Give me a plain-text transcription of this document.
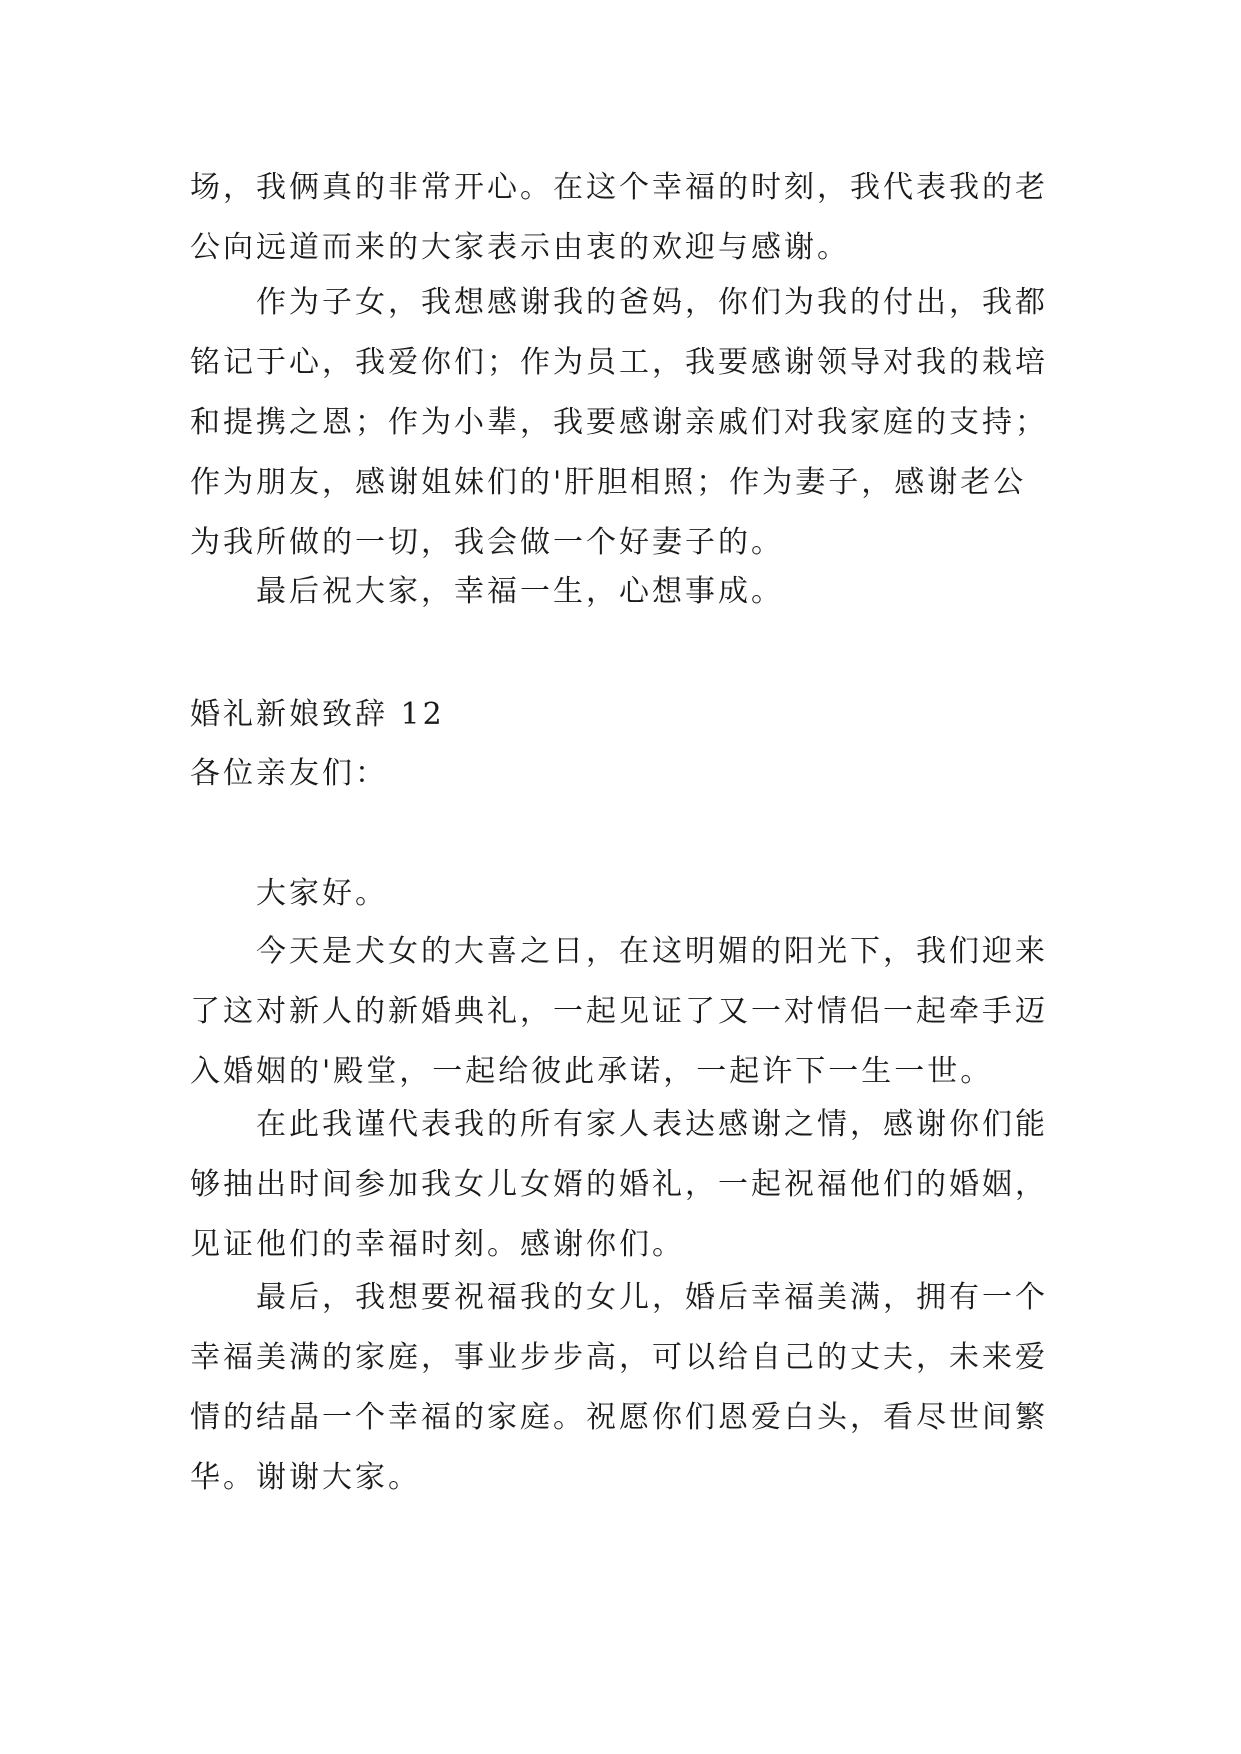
场，我俩真的非常开心。在这个幸福的时刻，我代表我的老
公向远道而来的大家表示由衷的欢迎与感谢。
作为子女，我想感谢我的爸妈，你们为我的付出，我都
铭记于心，我爱你们；作为员工，我要感谢领导对我的栽培
和提携之恩；作为小辈，我要感谢亲戚们对我家庭的支持；
作为朋友，感谢姐妹们的'肝胆相照；作为妻子，感谢老公
为我所做的一切，我会做一个好妻子的。
最后祝大家，幸福一生，心想事成。
婚礼新娘致辞 12
各位亲友们：
大家好。
今天是犬女的大喜之日，在这明媚的阳光下，我们迎来
了这对新人的新婚典礼，一起见证了又一对情侣一起牵手迈
入婚姻的'殿堂，一起给彼此承诺，一起许下一生一世。
在此我谨代表我的所有家人表达感谢之情，感谢你们能
够抽出时间参加我女儿女婿的婚礼，一起祝福他们的婚姻，
见证他们的幸福时刻。感谢你们。
最后，我想要祝福我的女儿，婚后幸福美满，拥有一个
幸福美满的家庭，事业步步高，可以给自己的丈夫，未来爱
情的结晶一个幸福的家庭。祝愿你们恩爱白头，看尽世间繁
华。谢谢大家。
